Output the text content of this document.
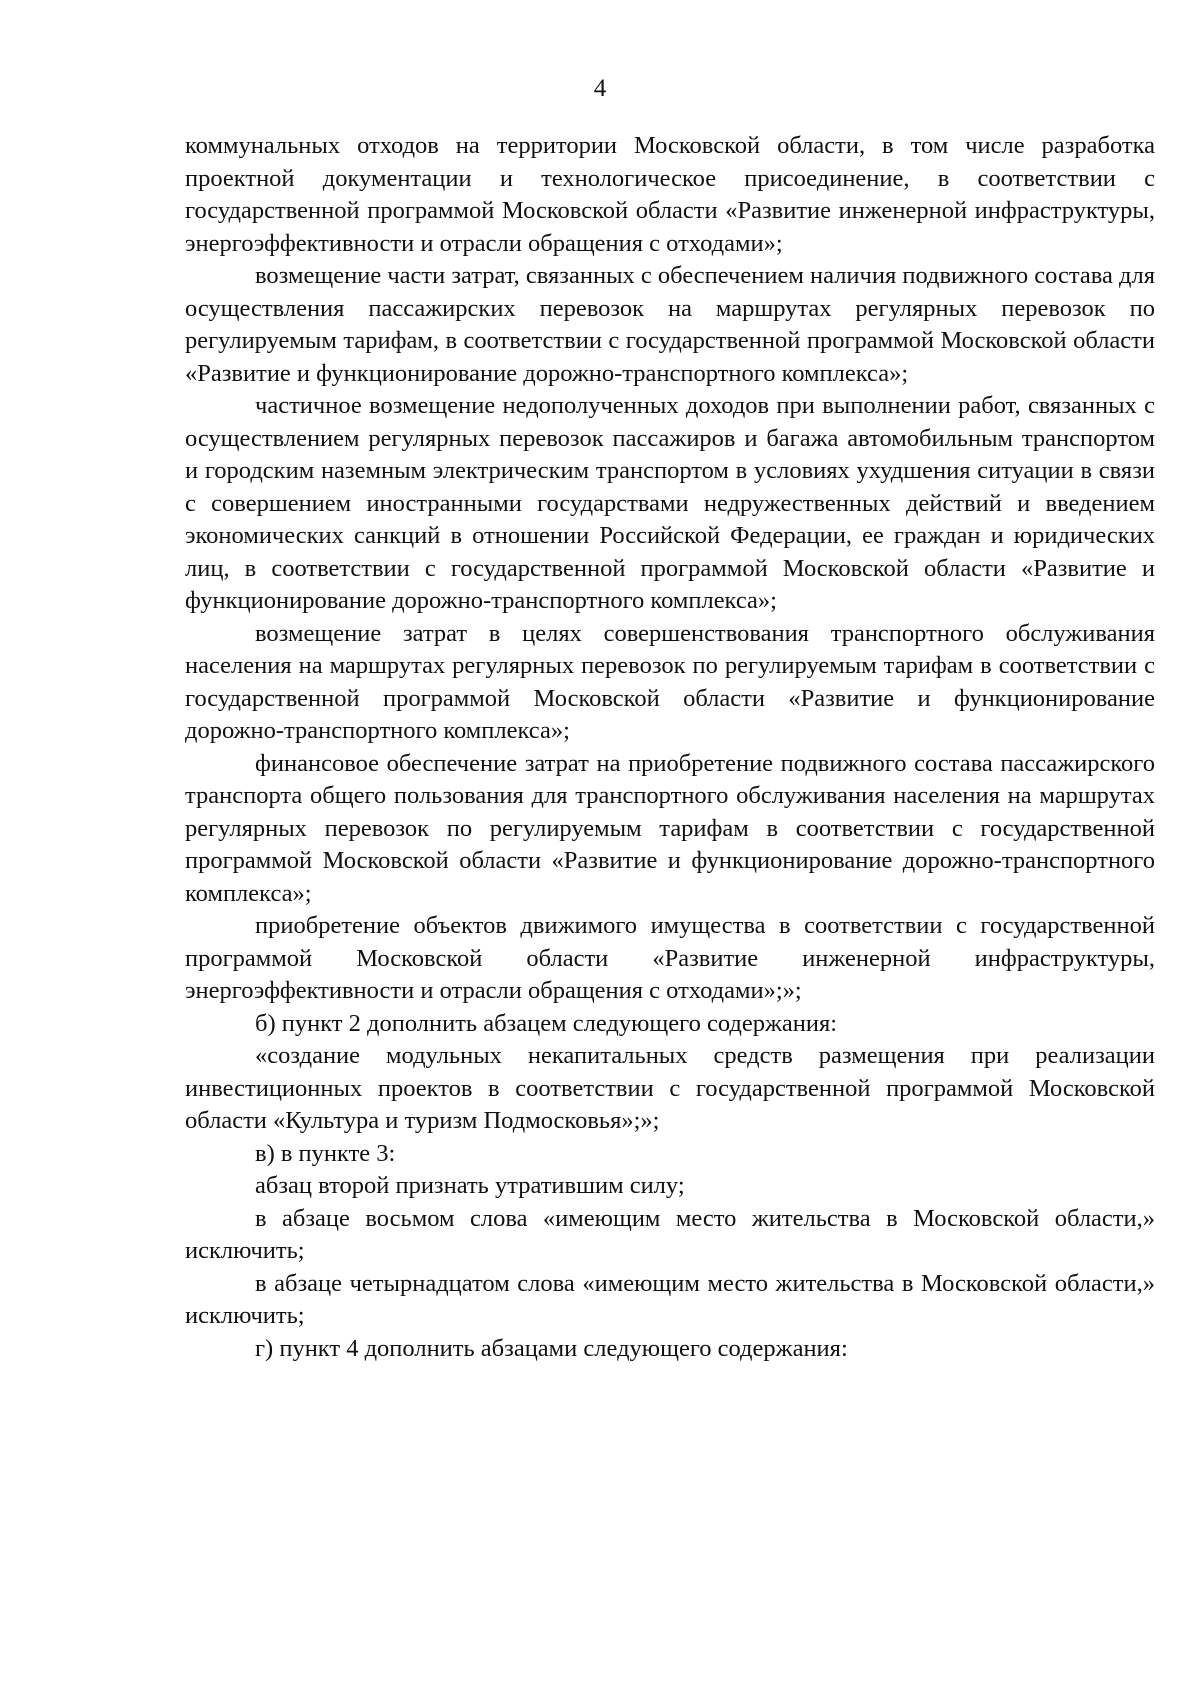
4

коммунальных отходов на территории Московской области, в том числе разработка проектной документации и технологическое присоединение, в соответствии с государственной программой Московской области «Развитие инженерной инфраструктуры, энергоэффективности и отрасли обращения с отходами»;

возмещение части затрат, связанных с обеспечением наличия подвижного состава для осуществления пассажирских перевозок на маршрутах регулярных перевозок по регулируемым тарифам, в соответствии с государственной программой Московской области «Развитие и функционирование дорожно-транспортного комплекса»;

частичное возмещение недополученных доходов при выполнении работ, связанных с осуществлением регулярных перевозок пассажиров и багажа автомобильным транспортом и городским наземным электрическим транспортом в условиях ухудшения ситуации в связи с совершением иностранными государствами недружественных действий и введением экономических санкций в отношении Российской Федерации, ее граждан и юридических лиц, в соответствии с государственной программой Московской области «Развитие и функционирование дорожно-транспортного комплекса»;

возмещение затрат в целях совершенствования транспортного обслуживания населения на маршрутах регулярных перевозок по регулируемым тарифам в соответствии с государственной программой Московской области «Развитие и функционирование дорожно-транспортного комплекса»;

финансовое обеспечение затрат на приобретение подвижного состава пассажирского транспорта общего пользования для транспортного обслуживания населения на маршрутах регулярных перевозок по регулируемым тарифам в соответствии с государственной программой Московской области «Развитие и функционирование дорожно-транспортного комплекса»;

приобретение объектов движимого имущества в соответствии с государственной программой Московской области «Развитие инженерной инфраструктуры, энергоэффективности и отрасли обращения с отходами»;»;

б) пункт 2 дополнить абзацем следующего содержания:

«создание модульных некапитальных средств размещения при реализации инвестиционных проектов в соответствии с государственной программой Московской области «Культура и туризм Подмосковья»;»;

в) в пункте 3:

абзац второй признать утратившим силу;

в абзаце восьмом слова «имеющим место жительства в Московской области,» исключить;

в абзаце четырнадцатом слова «имеющим место жительства в Московской области,» исключить;

г) пункт 4 дополнить абзацами следующего содержания:
